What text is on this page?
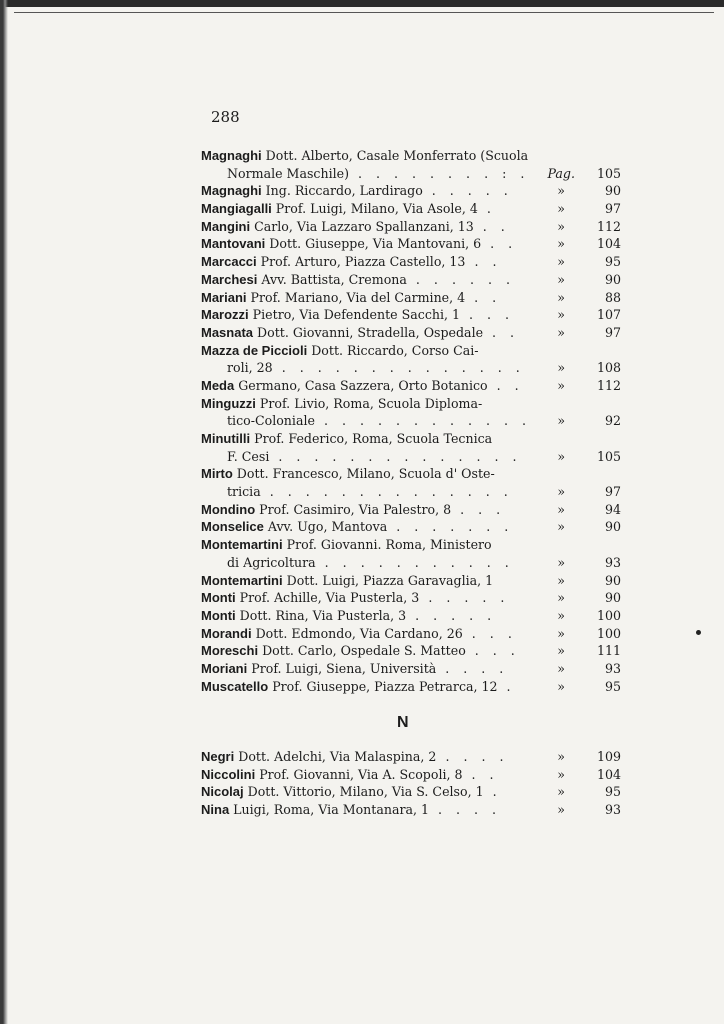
288
Magnaghi Dott. Alberto, Casale Monferrato (Scuola
Normale Maschile) . . . . . . . . : .	Pag.	105
Magnaghi Ing. Riccardo, Lardirago . . . . .	»	90
Mangiagalli Prof. Luigi, Milano, Via Asole, 4 .	»	97
Mangini Carlo, Via Lazzaro Spallanzani, 13 . .	»	112
Mantovani Dott. Giuseppe, Via Mantovani, 6 . .	»	104
Marcacci Prof. Arturo, Piazza Castello, 13 . .	»	95
Marchesi Avv. Battista, Cremona . . . . . .	»	90
Mariani Prof. Mariano, Via del Carmine, 4 . .	»	88
Marozzi Pietro, Via Defendente Sacchi, 1 . . .	»	107
Masnata Dott. Giovanni, Stradella, Ospedale . .	»	97
Mazza de Piccioli Dott. Riccardo, Corso Cai-
roli, 28 . . . . . . . . . . . . . .	»	108
Meda Germano, Casa Sazzera, Orto Botanico . .	»	112
Minguzzi Prof. Livio, Roma, Scuola Diploma-
tico-Coloniale . . . . . . . . . . . .	»	92
Minutilli Prof. Federico, Roma, Scuola Tecnica
F. Cesi . . . . . . . . . . . . . .	»	105
Mirto Dott. Francesco, Milano, Scuola d' Oste-
tricia . . . . . . . . . . . . . .	»	97
Mondino Prof. Casimiro, Via Palestro, 8 . . .	»	94
Monselice Avv. Ugo, Mantova . . . . . . .	»	90
Montemartini Prof. Giovanni. Roma, Ministero
di Agricoltura . . . . . . . . . . .	»	93
Montemartini Dott. Luigi, Piazza Garavaglia, 1	»	90
Monti Prof. Achille, Via Pusterla, 3 . . . . .	»	90
Monti Dott. Rina, Via Pusterla, 3 . . . . .	»	100
Morandi Dott. Edmondo, Via Cardano, 26 . . .	»	100
Moreschi Dott. Carlo, Ospedale S. Matteo . . .	»	111
Moriani Prof. Luigi, Siena, Università . . . .	»	93
Muscatello Prof. Giuseppe, Piazza Petrarca, 12 .	»	95
N
Negri Dott. Adelchi, Via Malaspina, 2 . . . .	»	109
Niccolini Prof. Giovanni, Via A. Scopoli, 8 . .	»	104
Nicolaj Dott. Vittorio, Milano, Via S. Celso, 1 .	»	95
Nina Luigi, Roma, Via Montanara, 1 . . . .	»	93
